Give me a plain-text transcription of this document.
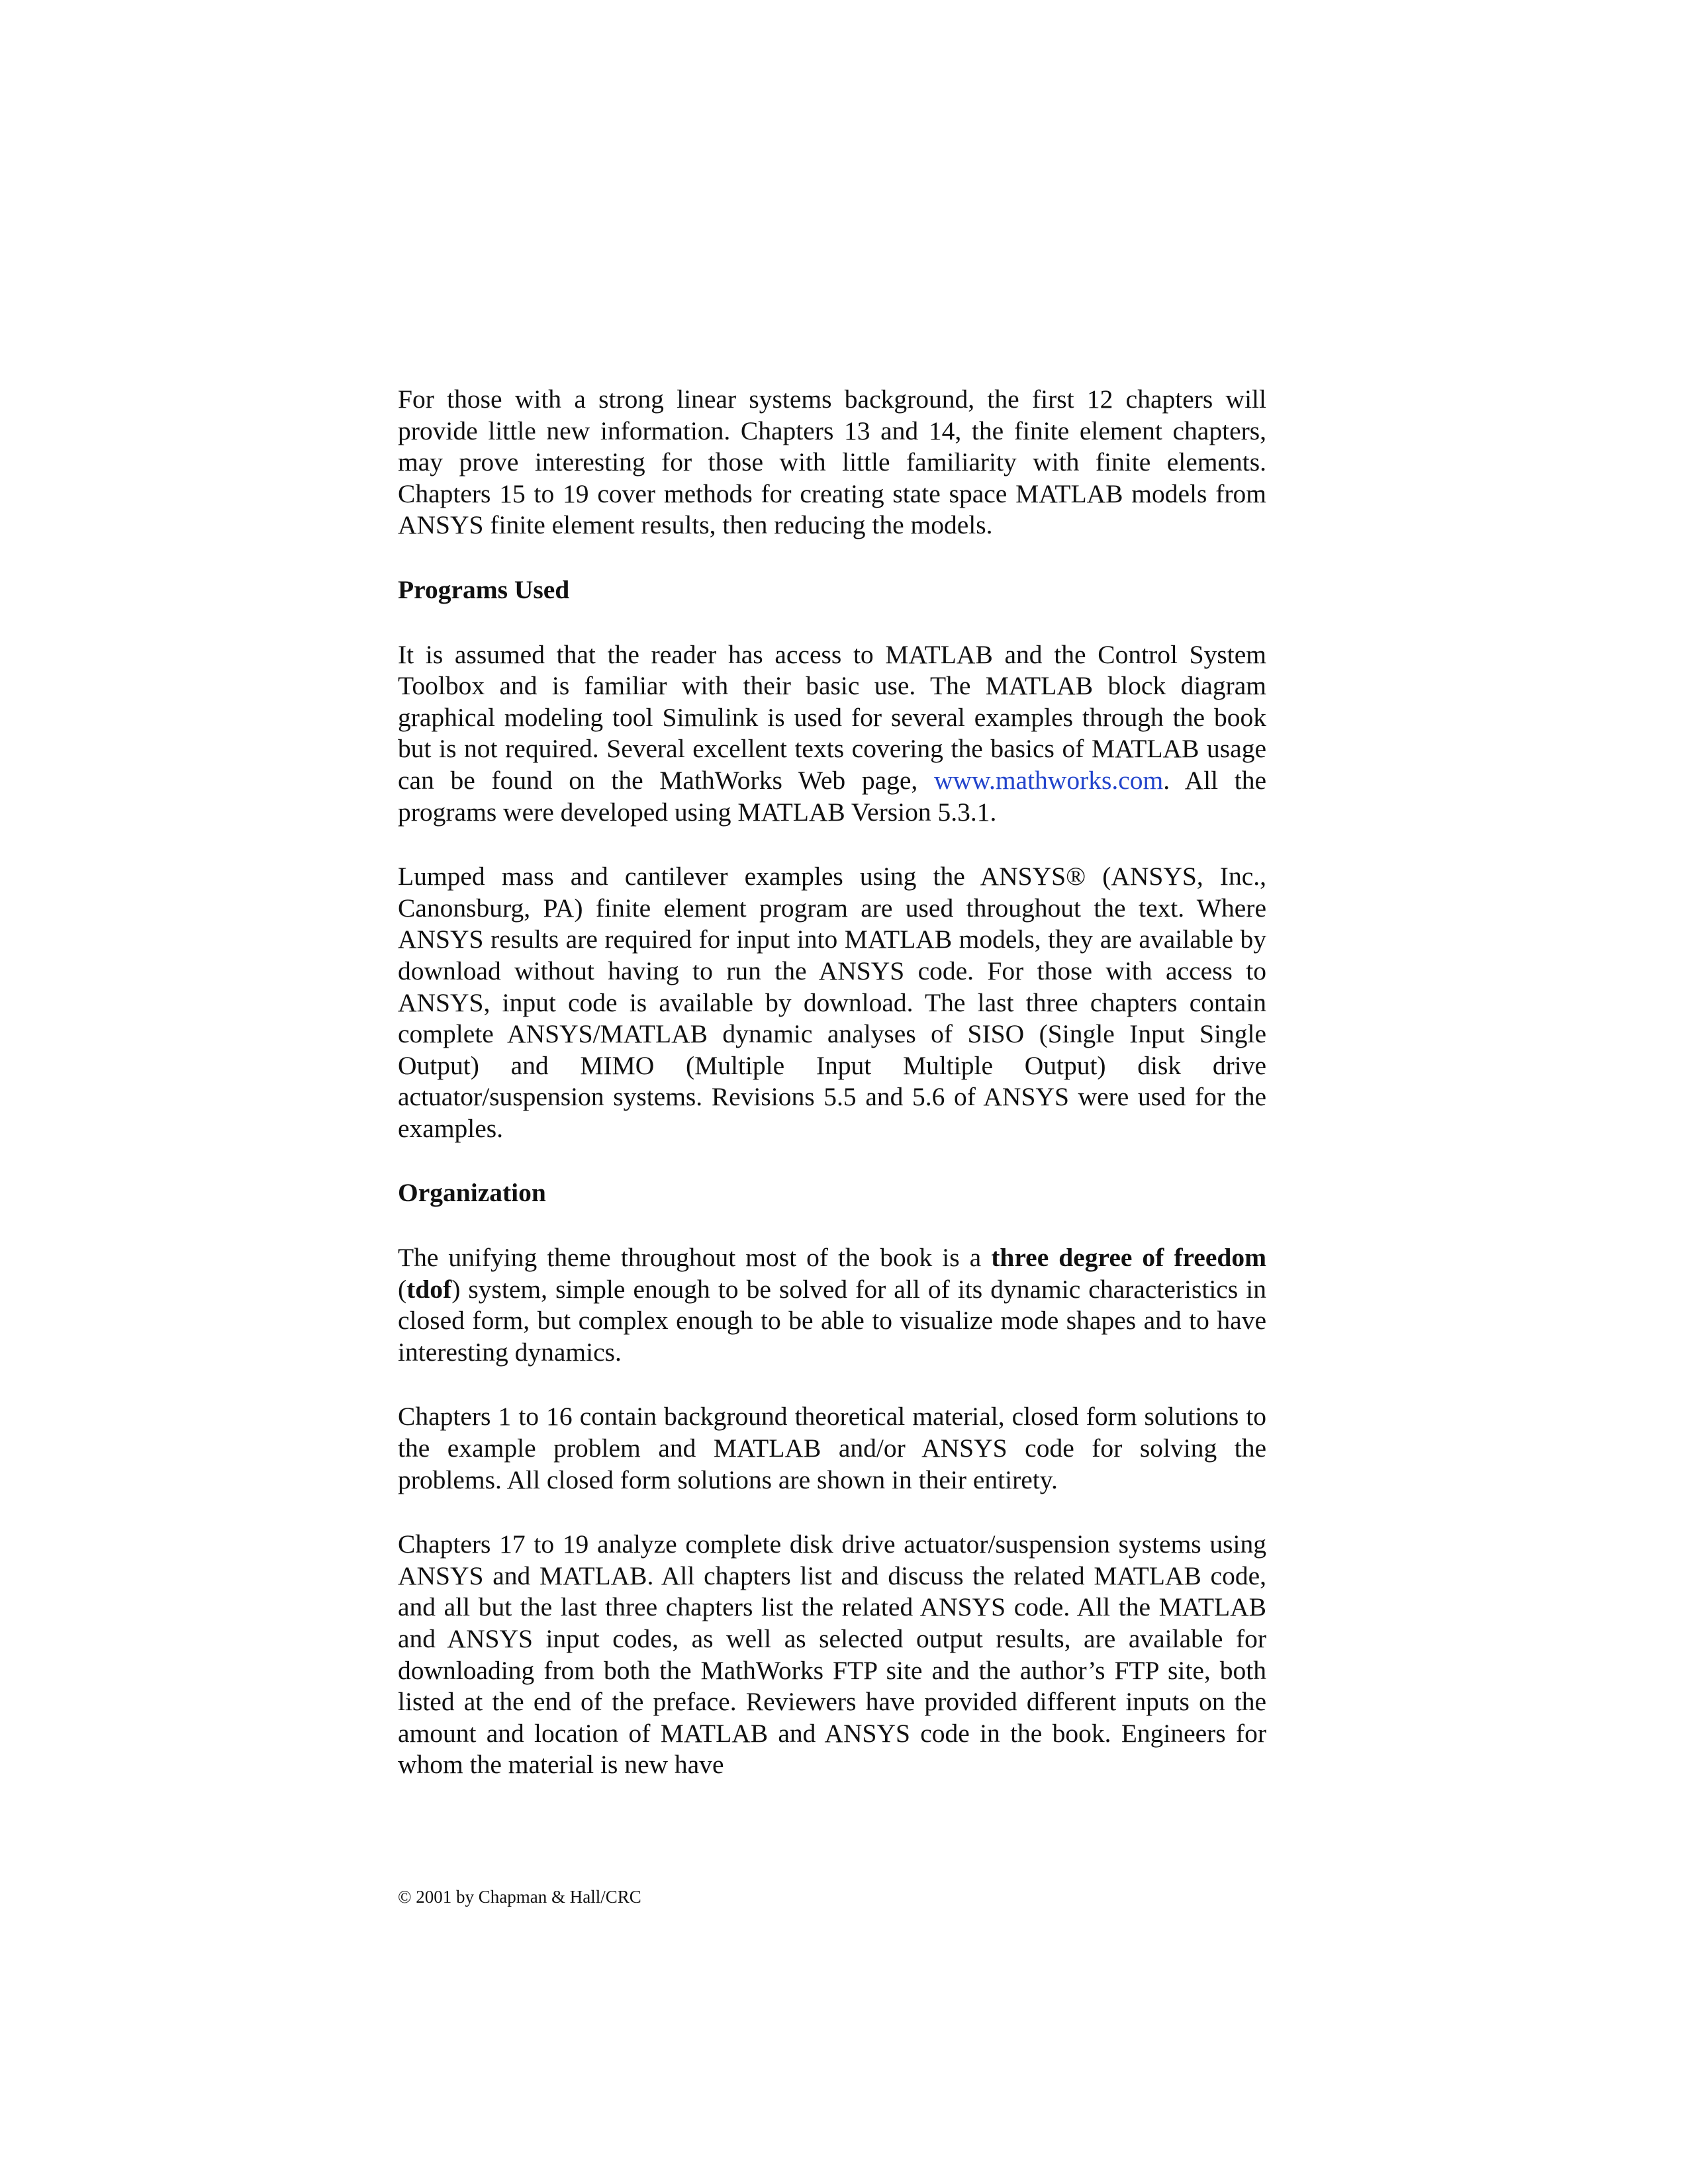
For those with a strong linear systems background, the first 12 chapters will provide little new information. Chapters 13 and 14, the finite element chapters, may prove interesting for those with little familiarity with finite elements. Chapters 15 to 19 cover methods for creating state space MATLAB models from ANSYS finite element results, then reducing the models.

Programs Used

It is assumed that the reader has access to MATLAB and the Control System Toolbox and is familiar with their basic use. The MATLAB block diagram graphical modeling tool Simulink is used for several examples through the book but is not required. Several excellent texts covering the basics of MATLAB usage can be found on the MathWorks Web page, www.mathworks.com. All the programs were developed using MATLAB Version 5.3.1.

Lumped mass and cantilever examples using the ANSYS® (ANSYS, Inc., Canonsburg, PA) finite element program are used throughout the text. Where ANSYS results are required for input into MATLAB models, they are available by download without having to run the ANSYS code. For those with access to ANSYS, input code is available by download. The last three chapters contain complete ANSYS/MATLAB dynamic analyses of SISO (Single Input Single Output) and MIMO (Multiple Input Multiple Output) disk drive actuator/suspension systems. Revisions 5.5 and 5.6 of ANSYS were used for the examples.

Organization

The unifying theme throughout most of the book is a three degree of freedom (tdof) system, simple enough to be solved for all of its dynamic characteristics in closed form, but complex enough to be able to visualize mode shapes and to have interesting dynamics.

Chapters 1 to 16 contain background theoretical material, closed form solutions to the example problem and MATLAB and/or ANSYS code for solving the problems. All closed form solutions are shown in their entirety.

Chapters 17 to 19 analyze complete disk drive actuator/suspension systems using ANSYS and MATLAB. All chapters list and discuss the related MATLAB code, and all but the last three chapters list the related ANSYS code. All the MATLAB and ANSYS input codes, as well as selected output results, are available for downloading from both the MathWorks FTP site and the author’s FTP site, both listed at the end of the preface. Reviewers have provided different inputs on the amount and location of MATLAB and ANSYS code in the book. Engineers for whom the material is new have

© 2001 by Chapman & Hall/CRC
